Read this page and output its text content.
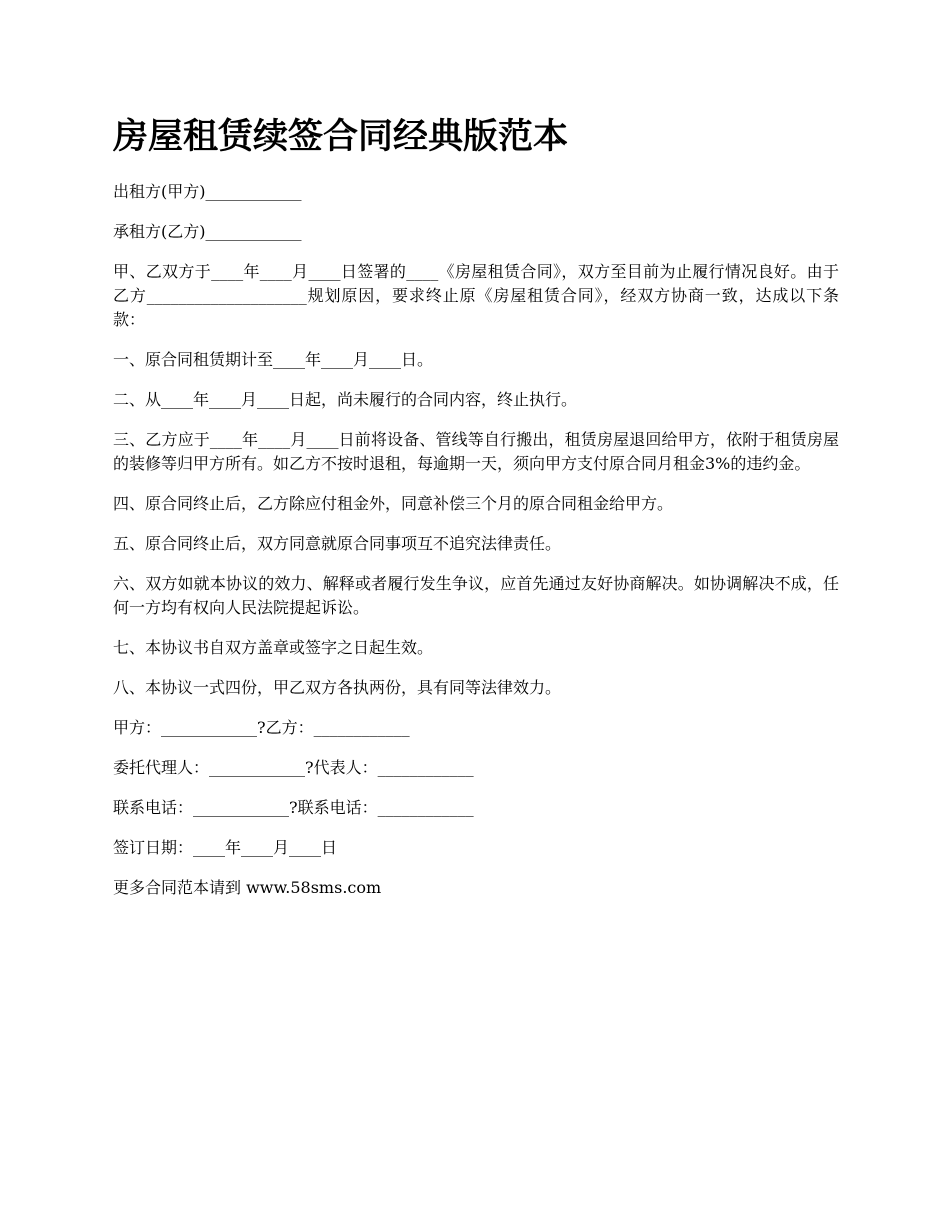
房屋租赁续签合同经典版范本

出租方(甲方)____________

承租方(乙方)____________

甲、乙双方于____年____月____日签署的____《房屋租赁合同》，双方至目前为止履行情况良好。由于乙方____________________规划原因，要求终止原《房屋租赁合同》，经双方协商一致，达成以下条款：

一、原合同租赁期计至____年____月____日。

二、从____年____月____日起，尚未履行的合同内容，终止执行。

三、乙方应于____年____月____日前将设备、管线等自行搬出，租赁房屋退回给甲方，依附于租赁房屋的装修等归甲方所有。如乙方不按时退租，每逾期一天，须向甲方支付原合同月租金3%的违约金。

四、原合同终止后，乙方除应付租金外，同意补偿三个月的原合同租金给甲方。

五、原合同终止后，双方同意就原合同事项互不追究法律责任。

六、双方如就本协议的效力、解释或者履行发生争议，应首先通过友好协商解决。如协调解决不成，任何一方均有权向人民法院提起诉讼。

七、本协议书自双方盖章或签字之日起生效。

八、本协议一式四份，甲乙双方各执两份，具有同等法律效力。

甲方：____________?乙方：____________

委托代理人：____________?代表人：____________

联系电话：____________?联系电话：____________

签订日期：____年____月____日

更多合同范本请到 www.58sms.com
